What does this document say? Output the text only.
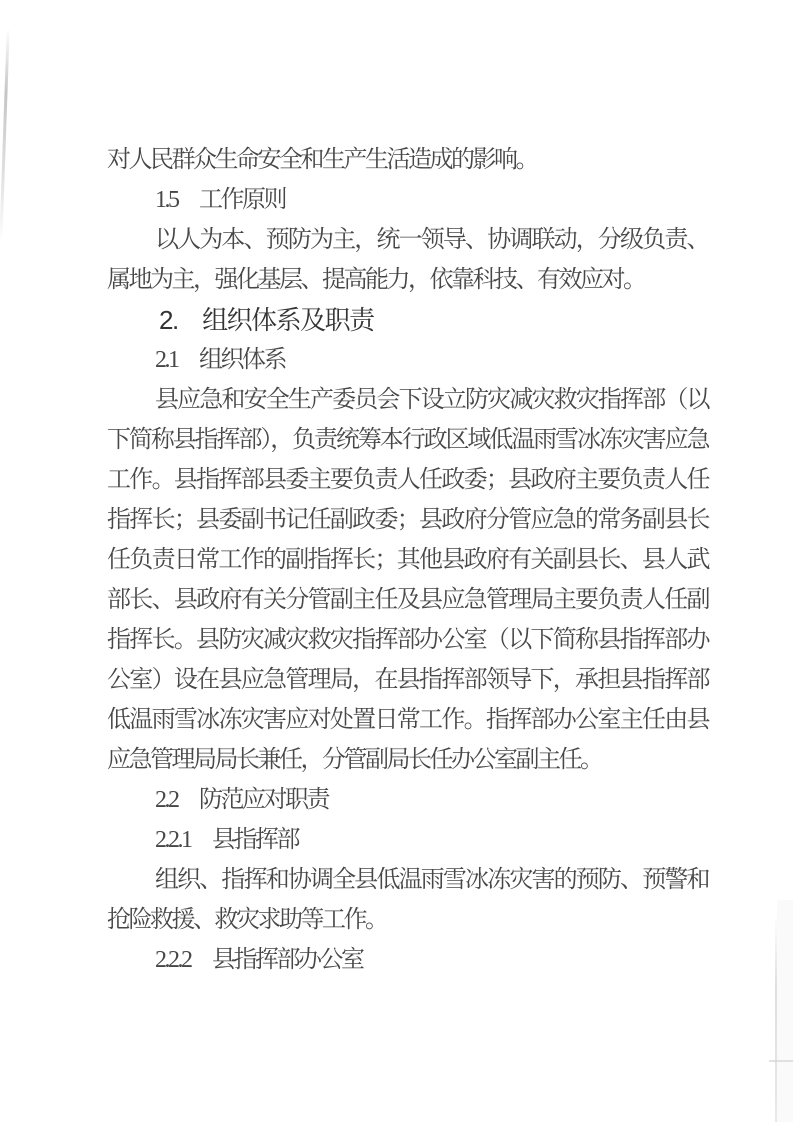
对人民群众生命安全和生产生活造成的影响。

1.5　工作原则

以人为本、预防为主，统一领导、协调联动，分级负责、属地为主，强化基层、提高能力，依靠科技、有效应对。

2.　组织体系及职责
2.1　组织体系

县应急和安全生产委员会下设立防灾减灾救灾指挥部（以下简称县指挥部），负责统筹本行政区域低温雨雪冰冻灾害应急工作。县指挥部县委主要负责人任政委；县政府主要负责人任指挥长；县委副书记任副政委；县政府分管应急的常务副县长任负责日常工作的副指挥长；其他县政府有关副县长、县人武部长、县政府有关分管副主任及县应急管理局主要负责人任副指挥长。县防灾减灾救灾指挥部办公室（以下简称县指挥部办公室）设在县应急管理局，在县指挥部领导下，承担县指挥部低温雨雪冰冻灾害应对处置日常工作。指挥部办公室主任由县应急管理局局长兼任，分管副局长任办公室副主任。

2.2　防范应对职责
2.2.1　县指挥部

组织、指挥和协调全县低温雨雪冰冻灾害的预防、预警和抢险救援、救灾求助等工作。

2.2.2　县指挥部办公室
